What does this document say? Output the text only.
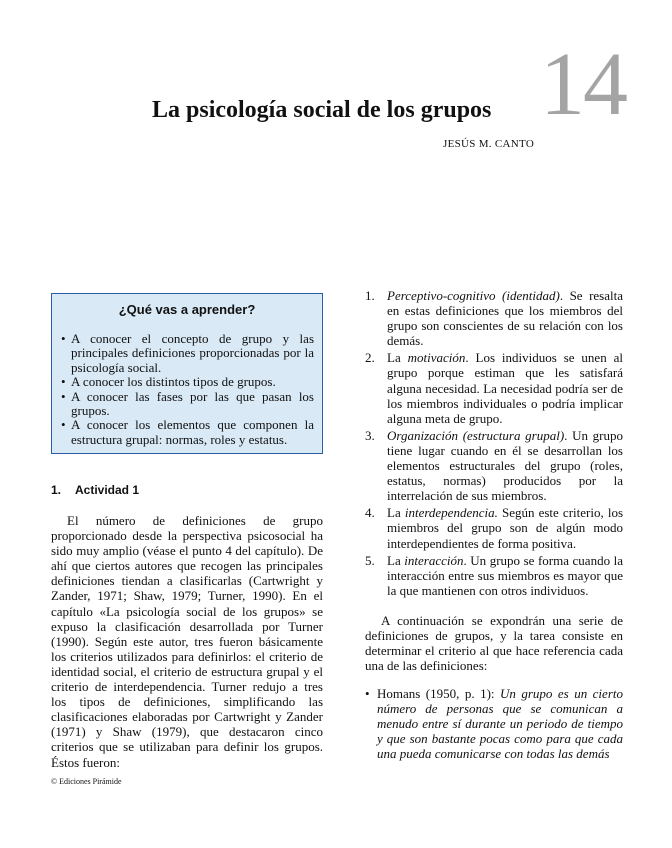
14
La psicología social de los grupos
JESÚS M. CANTO
¿Qué vas a aprender?
• A conocer el concepto de grupo y las principales definiciones proporcionadas por la psicología social.
• A conocer los distintos tipos de grupos.
• A conocer las fases por las que pasan los grupos.
• A conocer los elementos que componen la estructura grupal: normas, roles y estatus.
1. Actividad 1

El número de definiciones de grupo proporcionado desde la perspectiva psicosocial ha sido muy amplio (véase el punto 4 del capítulo). De ahí que ciertos autores que recogen las principales definiciones tiendan a clasificarlas (Cartwright y Zander, 1971; Shaw, 1979; Turner, 1990). En el capítulo «La psicología social de los grupos» se expuso la clasificación desarrollada por Turner (1990). Según este autor, tres fueron básicamente los criterios utilizados para definirlos: el criterio de identidad social, el criterio de estructura grupal y el criterio de interdependencia. Turner redujo a tres los tipos de definiciones, simplificando las clasificaciones elaboradas por Cartwright y Zander (1971) y Shaw (1979), que destacaron cinco criterios que se utilizaban para definir los grupos. Éstos fueron:

1. Perceptivo-cognitivo (identidad). Se resalta en estas definiciones que los miembros del grupo son conscientes de su relación con los demás.
2. La motivación. Los individuos se unen al grupo porque estiman que les satisfará alguna necesidad. La necesidad podría ser de los miembros individuales o podría implicar alguna meta de grupo.
3. Organización (estructura grupal). Un grupo tiene lugar cuando en él se desarrollan los elementos estructurales del grupo (roles, estatus, normas) producidos por la interrelación de sus miembros.
4. La interdependencia. Según este criterio, los miembros del grupo son de algún modo interdependientes de forma positiva.
5. La interacción. Un grupo se forma cuando la interacción entre sus miembros es mayor que la que mantienen con otros individuos.

A continuación se expondrán una serie de definiciones de grupos, y la tarea consiste en determinar el criterio al que hace referencia cada una de las definiciones:

• Homans (1950, p. 1): Un grupo es un cierto número de personas que se comunican a menudo entre sí durante un periodo de tiempo y que son bastante pocas como para que cada una pueda comunicarse con todas las demás
© Ediciones Pirámide
